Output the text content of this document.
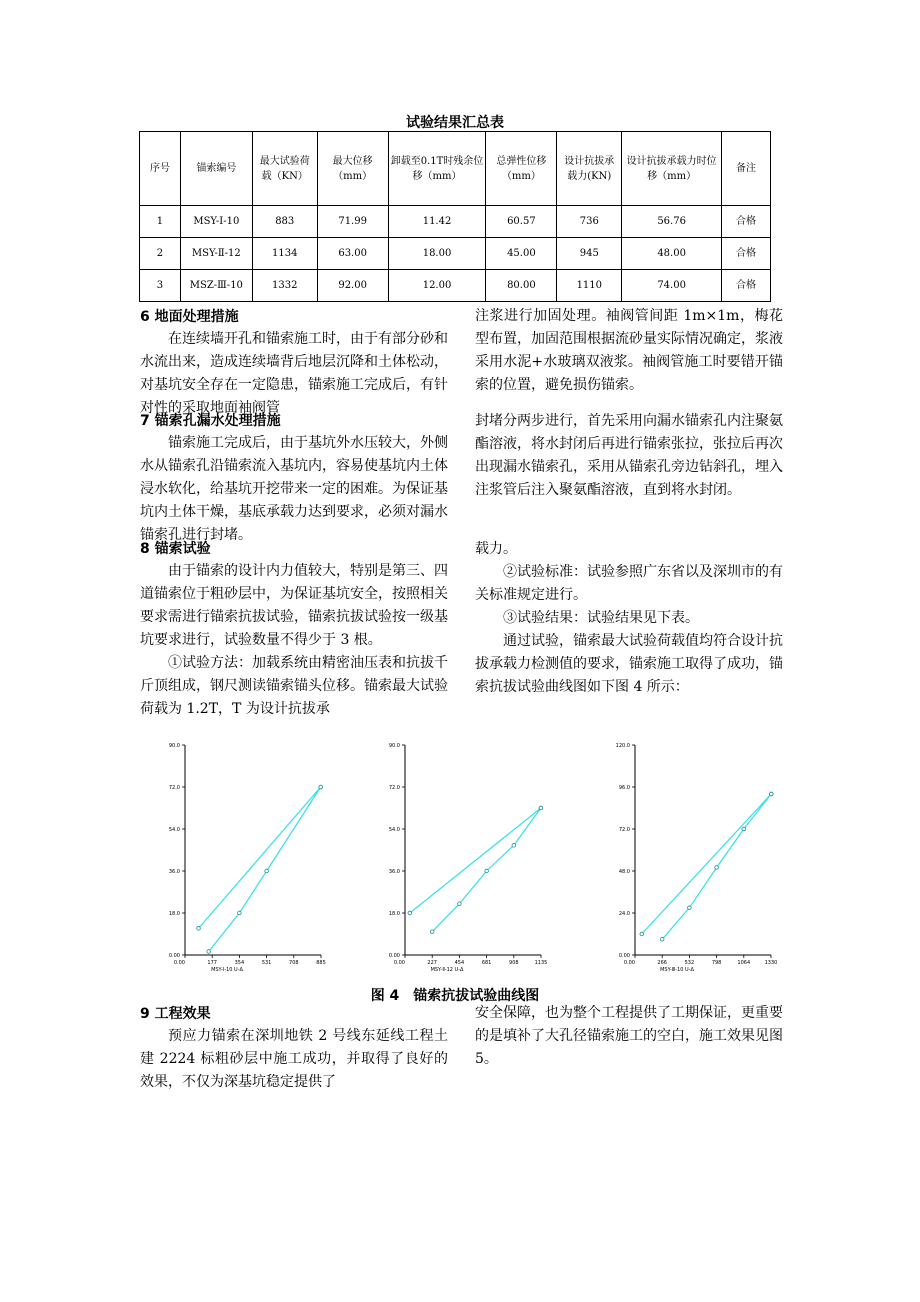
试验结果汇总表
序号	锚索编号	最大试验荷载（KN）	最大位移（mm）	卸载至0.1T时残余位移（mm）	总弹性位移（mm）	设计抗拔承载力(KN)	设计抗拔承载力时位移（mm）	备注
1	MSY-Ⅰ-10	883	71.99	11.42	60.57	736	56.76	合格
2	MSY-Ⅱ-12	1134	63.00	18.00	45.00	945	48.00	合格
3	MSZ-Ⅲ-10	1332	92.00	12.00	80.00	1110	74.00	合格
6 地面处理措施

在连续墙开孔和锚索施工时，由于有部分砂和水流出来，造成连续墙背后地层沉降和土体松动，对基坑安全存在一定隐患，锚索施工完成后，有针对性的采取地面袖阀管

注浆进行加固处理。袖阀管间距 1m×1m，梅花型布置，加固范围根据流砂量实际情况确定，浆液采用水泥+水玻璃双液浆。袖阀管施工时要错开锚索的位置，避免损伤锚索。

7 锚索孔漏水处理措施

锚索施工完成后，由于基坑外水压较大，外侧水从锚索孔沿锚索流入基坑内，容易使基坑内土体浸水软化，给基坑开挖带来一定的困难。为保证基坑内土体干燥，基底承载力达到要求，必须对漏水锚索孔进行封堵。

封堵分两步进行，首先采用向漏水锚索孔内注聚氨酯溶液，将水封闭后再进行锚索张拉，张拉后再次出现漏水锚索孔，采用从锚索孔旁边钻斜孔，埋入注浆管后注入聚氨酯溶液，直到将水封闭。

8 锚索试验

由于锚索的设计内力值较大，特别是第三、四道锚索位于粗砂层中，为保证基坑安全，按照相关要求需进行锚索抗拔试验，锚索抗拔试验按一级基坑要求进行，试验数量不得少于 3 根。

①试验方法：加载系统由精密油压表和抗拔千斤顶组成，钢尺测读锚索锚头位移。锚索最大试验荷载为 1.2T，T 为设计抗拔承

载力。

②试验标准：试验参照广东省以及深圳市的有关标准规定进行。

③试验结果：试验结果见下表。

通过试验，锚索最大试验荷载值均符合设计抗拔承载力检测值的要求，锚索施工取得了成功，锚索抗拔试验曲线图如下图 4 所示：

0.00
18.0
36.0
54.0
72.0
90.0
0.00	177	354	531	708	885
MSY-Ⅰ-10 U-Δ
0.00
18.0
36.0
54.0
72.0
90.0
0.00	227	454	681	908	1135
MSY-Ⅱ-12 U-Δ
0.00
24.0
48.0
72.0
96.0
120.0
0.00	266	532	798	1064	1330
MSY-Ⅲ-10 U-Δ
图 4　锚索抗拔试验曲线图
9 工程效果

预应力锚索在深圳地铁 2 号线东延线工程土建 2224 标粗砂层中施工成功，并取得了良好的效果，不仅为深基坑稳定提供了

安全保障，也为整个工程提供了工期保证，更重要的是填补了大孔径锚索施工的空白，施工效果见图 5。
